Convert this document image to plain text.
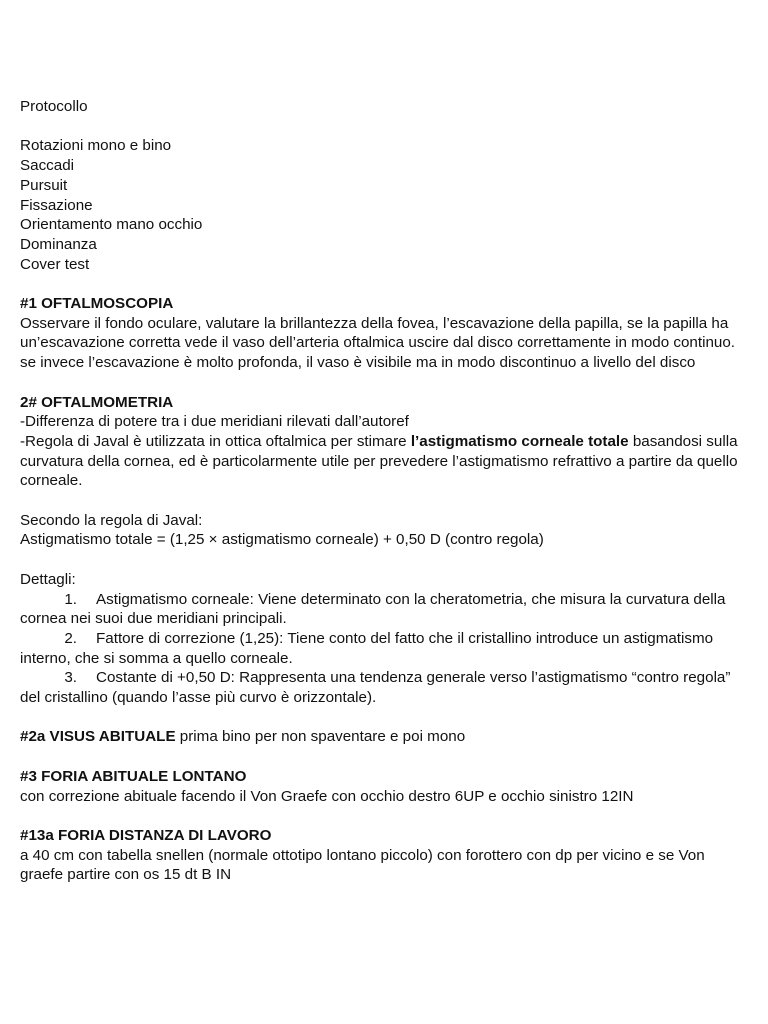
Protocollo
Rotazioni mono e bino
Saccadi
Pursuit
Fissazione
Orientamento mano occhio
Dominanza
Cover test
#1 OFTALMOSCOPIA
Osservare il fondo oculare, valutare la brillantezza della fovea, l’escavazione della papilla, se la papilla ha un’escavazione corretta vede il vaso dell’arteria oftalmica uscire dal disco correttamente in modo continuo. se invece l’escavazione è molto profonda, il vaso è visibile ma in modo discontinuo a livello del disco
2# OFTALMOMETRIA
-Differenza di potere tra i due meridiani rilevati dall’autoref
-Regola di Javal è utilizzata in ottica oftalmica per stimare l’astigmatismo corneale totale basandosi sulla curvatura della cornea, ed è particolarmente utile per prevedere l’astigmatismo refrattivo a partire da quello corneale.
Secondo la regola di Javal:
Astigmatismo totale = (1,25 × astigmatismo corneale) + 0,50 D (contro regola)
Dettagli:
1. Astigmatismo corneale: Viene determinato con la cheratometria, che misura la curvatura della cornea nei suoi due meridiani principali.
2. Fattore di correzione (1,25): Tiene conto del fatto che il cristallino introduce un astigmatismo interno, che si somma a quello corneale.
3. Costante di +0,50 D: Rappresenta una tendenza generale verso l’astigmatismo “contro regola” del cristallino (quando l’asse più curvo è orizzontale).
#2a VISUS ABITUALE prima bino per non spaventare e poi mono
#3 FORIA ABITUALE LONTANO
con correzione abituale facendo il Von Graefe con occhio destro 6UP e occhio sinistro 12IN
#13a FORIA DISTANZA DI LAVORO
a 40 cm con tabella snellen (normale ottotipo lontano piccolo) con forottero con dp per vicino e se Von graefe partire con os 15 dt B IN
